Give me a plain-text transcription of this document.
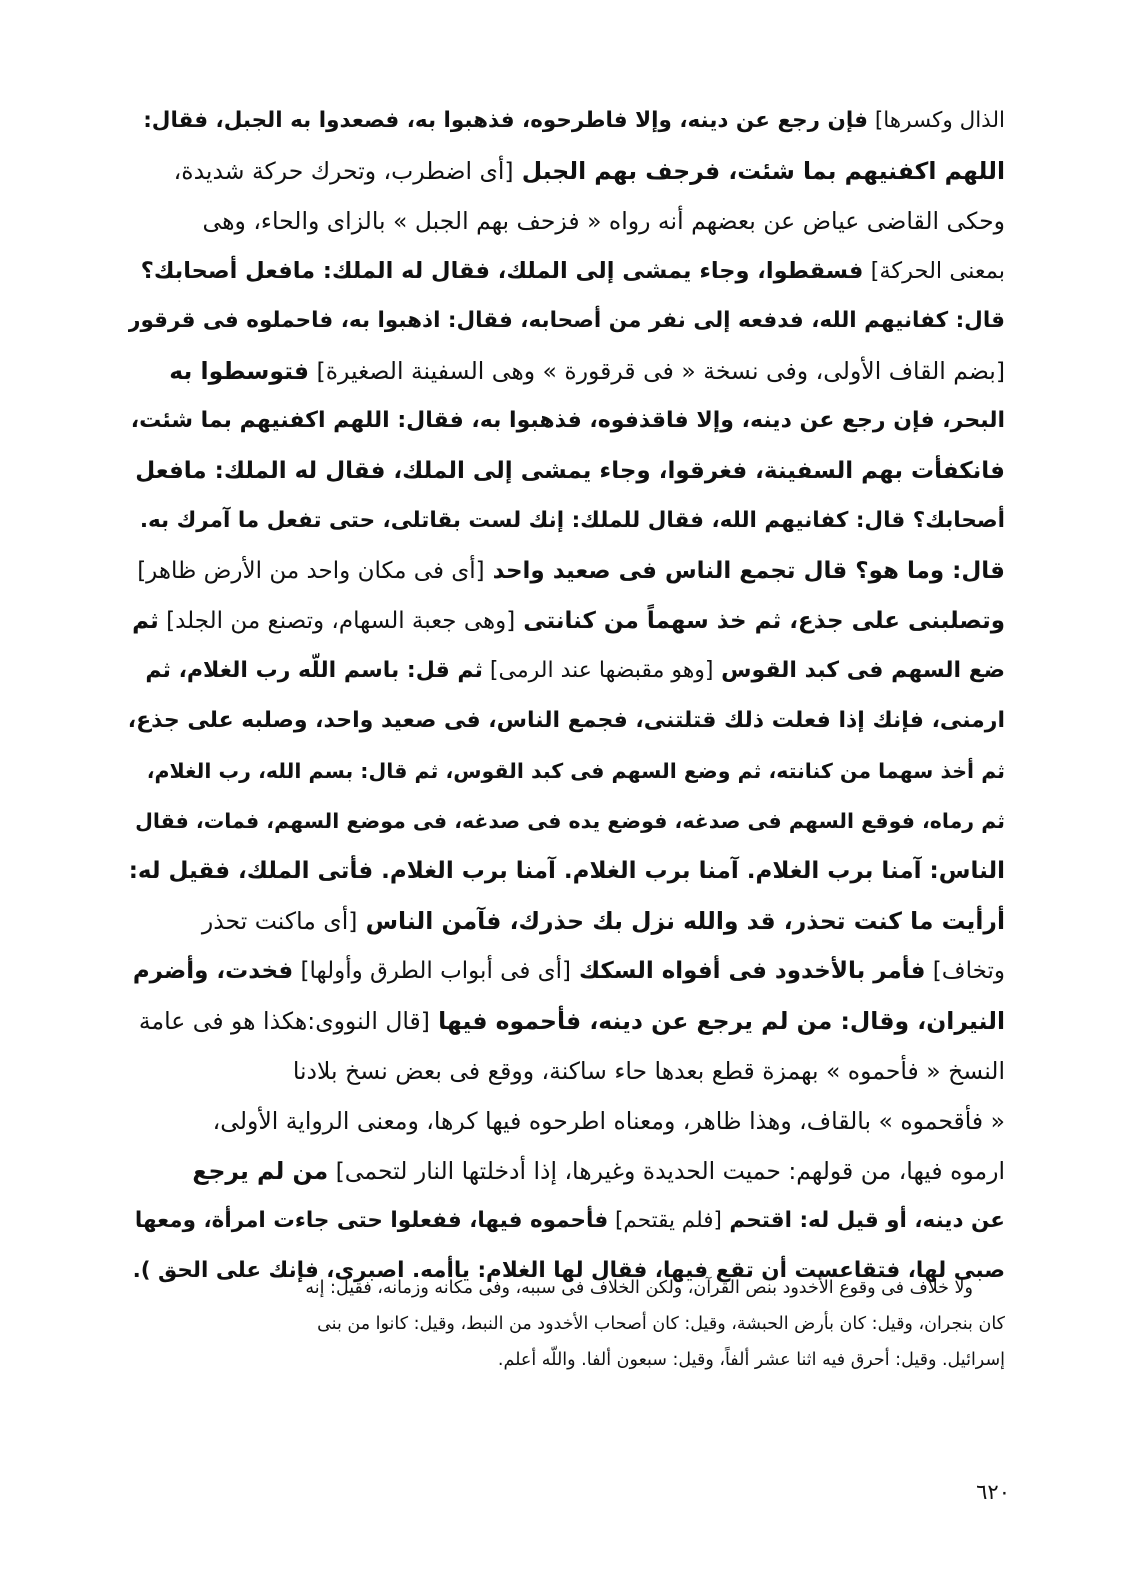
الذال وكسرها] فإن رجع عن دينه، وإلا فاطرحوه، فذهبوا به، فصعدوا به الجبل، فقال:
اللهم اكفنيهم بما شئت، فرجف بهم الجبل [أى اضطرب، وتحرك حركة شديدة،
وحكى القاضى عياض عن بعضهم أنه رواه « فزحف بهم الجبل » بالزاى والحاء، وهى
بمعنى الحركة] فسقطوا، وجاء يمشى إلى الملك، فقال له الملك: مافعل أصحابك؟
قال: كفانيهم الله، فدفعه إلى نفر من أصحابه، فقال: اذهبوا به، فاحملوه فى قرقور
[بضم القاف الأولى، وفى نسخة « فى قرقورة » وهى السفينة الصغيرة] فتوسطوا به
البحر، فإن رجع عن دينه، وإلا فاقذفوه، فذهبوا به، فقال: اللهم اكفنيهم بما شئت،
فانكفأت بهم السفينة، فغرقوا، وجاء يمشى إلى الملك، فقال له الملك: مافعل
أصحابك؟ قال: كفانيهم الله، فقال للملك: إنك لست بقاتلى، حتى تفعل ما آمرك به.
قال: وما هو؟ قال تجمع الناس فى صعيد واحد [أى فى مكان واحد من الأرض ظاهر]
وتصلبنى على جذع، ثم خذ سهماً من كنانتى [وهى جعبة السهام، وتصنع من الجلد] ثم
ضع السهم فى كبد القوس [وهو مقبضها عند الرمى] ثم قل: باسم اللّه رب الغلام، ثم
ارمنى، فإنك إذا فعلت ذلك قتلتنى، فجمع الناس، فى صعيد واحد، وصلبه على جذع،
ثم أخذ سهما من كنانته، ثم وضع السهم فى كبد القوس، ثم قال: بسم الله، رب الغلام،
ثم رماه، فوقع السهم فى صدغه، فوضع يده فى صدغه، فى موضع السهم، فمات، فقال
الناس: آمنا برب الغلام. آمنا برب الغلام. آمنا برب الغلام. فأتى الملك، فقيل له:
أرأيت ما كنت تحذر، قد والله نزل بك حذرك، فآمن الناس [أى ماكنت تحذر
وتخاف] فأمر بالأخدود فى أفواه السكك [أى فى أبواب الطرق وأولها] فخدت، وأضرم
النيران، وقال: من لم يرجع عن دينه، فأحموه فيها [قال النووى:هكذا هو فى عامة
النسخ « فأحموه » بهمزة قطع بعدها حاء ساكنة، ووقع فى بعض نسخ بلادنا
« فأقحموه » بالقاف، وهذا ظاهر، ومعناه اطرحوه فيها كرها، ومعنى الرواية الأولى،
ارموه فيها، من قولهم: حميت الحديدة وغيرها، إذا أدخلتها النار لتحمى] من لم يرجع
عن دينه، أو قيل له: اقتحم [فلم يقتحم] فأحموه فيها، ففعلوا حتى جاءت امرأة، ومعها
صبى لها، فتقاعست أن تقع فيها، فقال لها الغلام: ياأمه. اصبرى، فإنك على الحق ).
ولا خلاف فى وقوع الأخدود بنص القرآن، ولكن الخلاف فى سببه، وفى مكانه وزمانه، فقيل: إنه
كان بنجران، وقيل: كان بأرض الحبشة، وقيل: كان أصحاب الأخدود من النبط، وقيل: كانوا من بنى
إسرائيل. وقيل: أحرق فيه اثنا عشر ألفاً، وقيل: سبعون ألفا. واللّه أعلم.
٦٢٠
